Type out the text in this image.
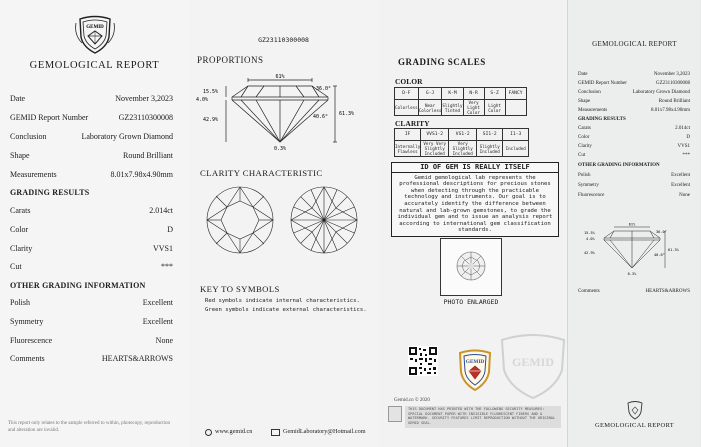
GEMID
GEMOLOGICAL REPORT
Date	November 3,2023
GEMID Report Number	GZ23110300008
Conclusion	Laboratory Grown Diamond
Shape	Round Brilliant
Measurements	8.01x7.98x4.90mm
GRADING RESULTS
Carats	2.014ct
Color	D
Clarity	VVS1
Cut	***
OTHER GRADING INFORMATION
Polish	Excellent
Symmetry	Excellent
Fluorescence	None
Comments	HEARTS&ARROWS
This report only relates to the sample referred to within, photocopy, reproduction and alteration are invalid.
GZ23110300008
PROPORTIONS
61%
15.5%
4.0%
42.9%
36.0°
61.3%
40.6°
0.3%
CLARITY CHARACTERISTIC
KEY TO SYMBOLS
Red symbols indicate internal characteristics.
Green symbols indicate external characteristics.
www.gemid.cn	GemidLaboratory@Hotmail.com
GRADING SCALES
COLOR
D-F	G-J	K-M	N-R	S-Z	FANCY
Colorless	Near Colorless	Slightly Tinted	Very Light Color	Light Color	
CLARITY
IF	VVS1-2	VS1-2	SI1-2	I1-3
Internally Flawless	Very Very Slightly Included	Very Slightly Included	Slightly Included	Included
ID OF GEM IS REALLY ITSELF
Gemid gemological lab represents the professional descriptions for precious stones when detecting through the practicable technology and instruments. Our goal is to accurately identify the difference between natural and lab-grown gemstones, to grade the individual gem and to issue an analysis report according to international gem classification standards.
PHOTO ENLARGED
GEMID GEMID
Gemid.cn © 2020
THIS DOCUMENT HAS PRINTED WITH THE FOLLOWING SECURITY MEASURES: SPECIAL DOCUMENT PAPER WITH INVISIBLE FLUORESCENT FIBERS AND A WATERMARK. SECURITY FEATURES LIMIT REPRODUCTION WITHOUT THE ORIGINAL GEMID SEAL.
GEMOLOGICAL REPORT
Date	November 3,2023
GEMID Report Number	GZ23110300008
Conclusion	Laboratory Grown Diamond
Shape	Round Brilliant
Measurements	8.01x7.98x4.90mm
GRADING RESULTS
Carats	2.014ct
Color	D
Clarity	VVS1
Cut	***
OTHER GRADING INFORMATION
Polish	Excellent
Symmetry	Excellent
Fluorescence	None
61%
15.5%
4.0%
42.9%
36.0°
61.3%
40.6°
0.3%
Comments	HEARTS&ARROWS
GEMOLOGICAL REPORT
